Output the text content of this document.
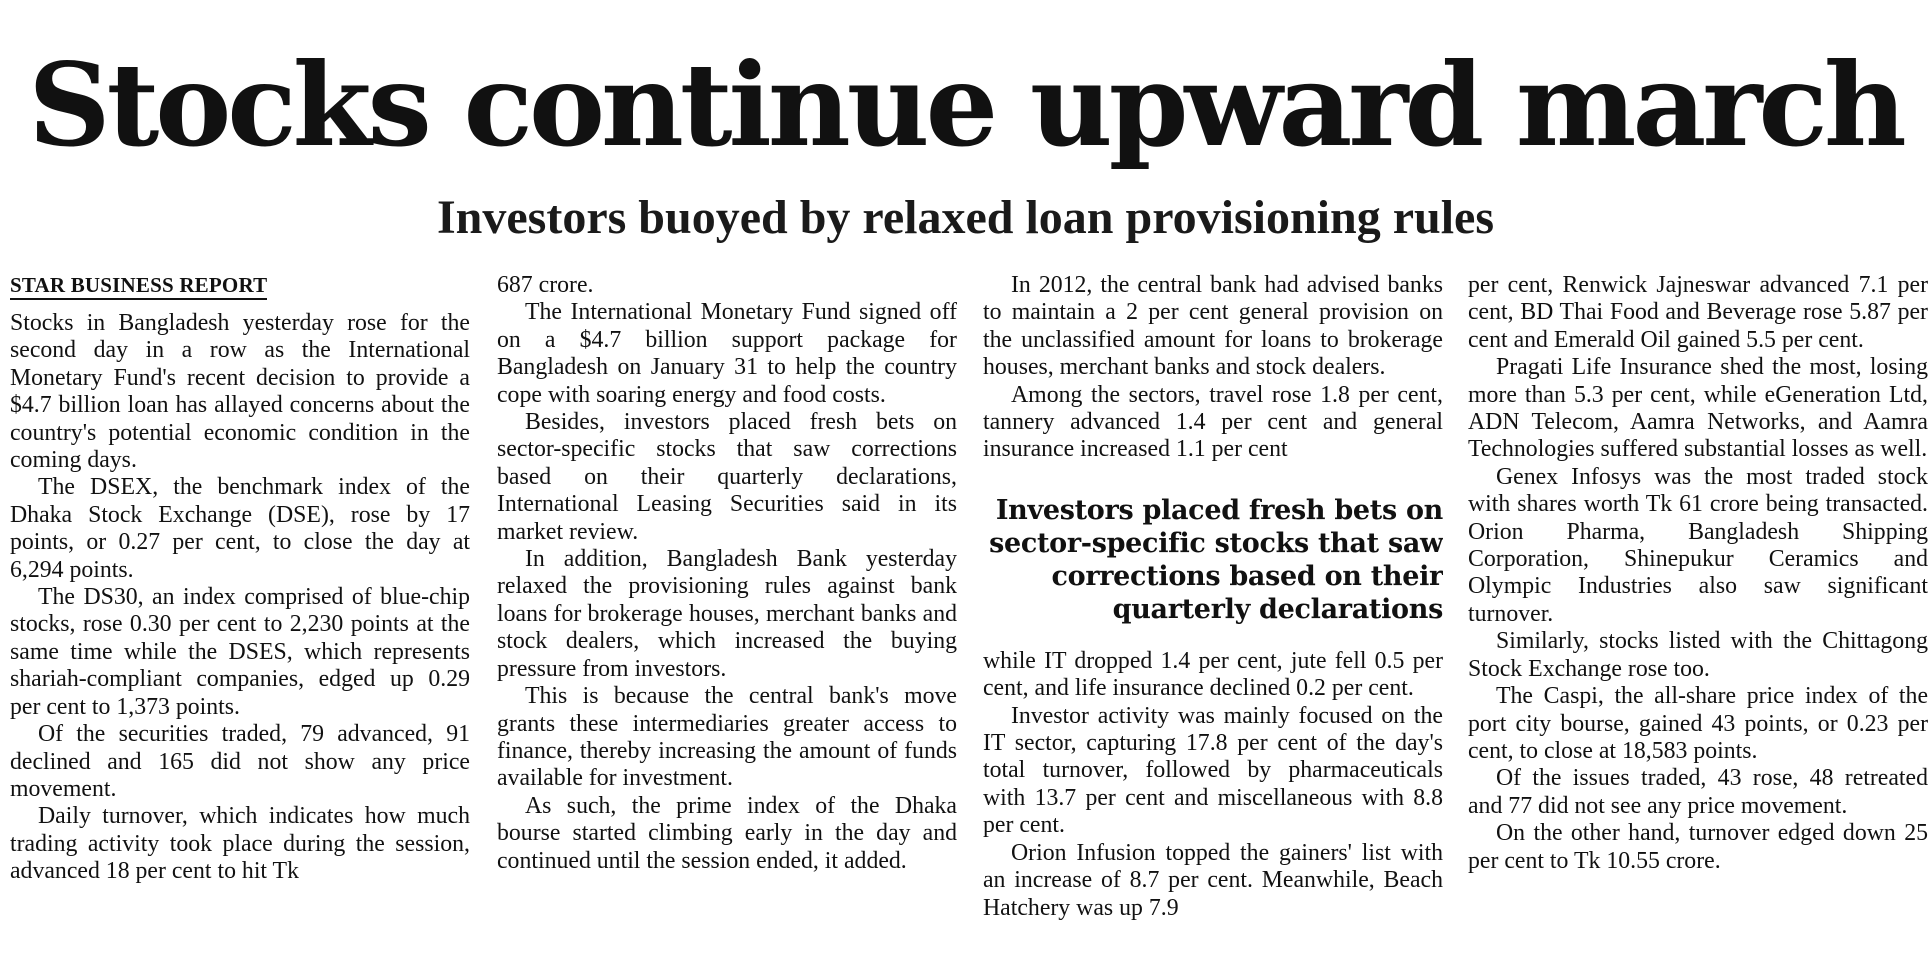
Stocks continue upward march
Investors buoyed by relaxed loan provisioning rules
STAR BUSINESS REPORT

Stocks in Bangladesh yesterday rose for the second day in a row as the International Monetary Fund's recent decision to provide a $4.7 billion loan has allayed concerns about the country's potential economic condition in the coming days.

The DSEX, the benchmark index of the Dhaka Stock Exchange (DSE), rose by 17 points, or 0.27 per cent, to close the day at 6,294 points.

The DS30, an index comprised of blue-chip stocks, rose 0.30 per cent to 2,230 points at the same time while the DSES, which represents shariah-compliant companies, edged up 0.29 per cent to 1,373 points.

Of the securities traded, 79 advanced, 91 declined and 165 did not show any price movement.

Daily turnover, which indicates how much trading activity took place during the session, advanced 18 per cent to hit Tk

687 crore.

The International Monetary Fund signed off on a $4.7 billion support package for Bangladesh on January 31 to help the country cope with soaring energy and food costs.

Besides, investors placed fresh bets on sector-specific stocks that saw corrections based on their quarterly declarations, International Leasing Securities said in its market review.

In addition, Bangladesh Bank yesterday relaxed the provisioning rules against bank loans for brokerage houses, merchant banks and stock dealers, which increased the buying pressure from investors.

This is because the central bank's move grants these intermediaries greater access to finance, thereby increasing the amount of funds available for investment.

As such, the prime index of the Dhaka bourse started climbing early in the day and continued until the session ended, it added.

In 2012, the central bank had advised banks to maintain a 2 per cent general provision on the unclassified amount for loans to brokerage houses, merchant banks and stock dealers.

Among the sectors, travel rose 1.8 per cent, tannery advanced 1.4 per cent and general insurance increased 1.1 per cent

Investors placed fresh bets on sector-specific stocks that saw corrections based on their quarterly declarations

while IT dropped 1.4 per cent, jute fell 0.5 per cent, and life insurance declined 0.2 per cent.

Investor activity was mainly focused on the IT sector, capturing 17.8 per cent of the day's total turnover, followed by pharmaceuticals with 13.7 per cent and miscellaneous with 8.8 per cent.

Orion Infusion topped the gainers' list with an increase of 8.7 per cent. Meanwhile, Beach Hatchery was up 7.9

per cent, Renwick Jajneswar advanced 7.1 per cent, BD Thai Food and Beverage rose 5.87 per cent and Emerald Oil gained 5.5 per cent.

Pragati Life Insurance shed the most, losing more than 5.3 per cent, while eGeneration Ltd, ADN Telecom, Aamra Networks, and Aamra Technologies suffered substantial losses as well.

Genex Infosys was the most traded stock with shares worth Tk 61 crore being transacted. Orion Pharma, Bangladesh Shipping Corporation, Shinepukur Ceramics and Olympic Industries also saw significant turnover.

Similarly, stocks listed with the Chittagong Stock Exchange rose too.

The Caspi, the all-share price index of the port city bourse, gained 43 points, or 0.23 per cent, to close at 18,583 points.

Of the issues traded, 43 rose, 48 retreated and 77 did not see any price movement.

On the other hand, turnover edged down 25 per cent to Tk 10.55 crore.
